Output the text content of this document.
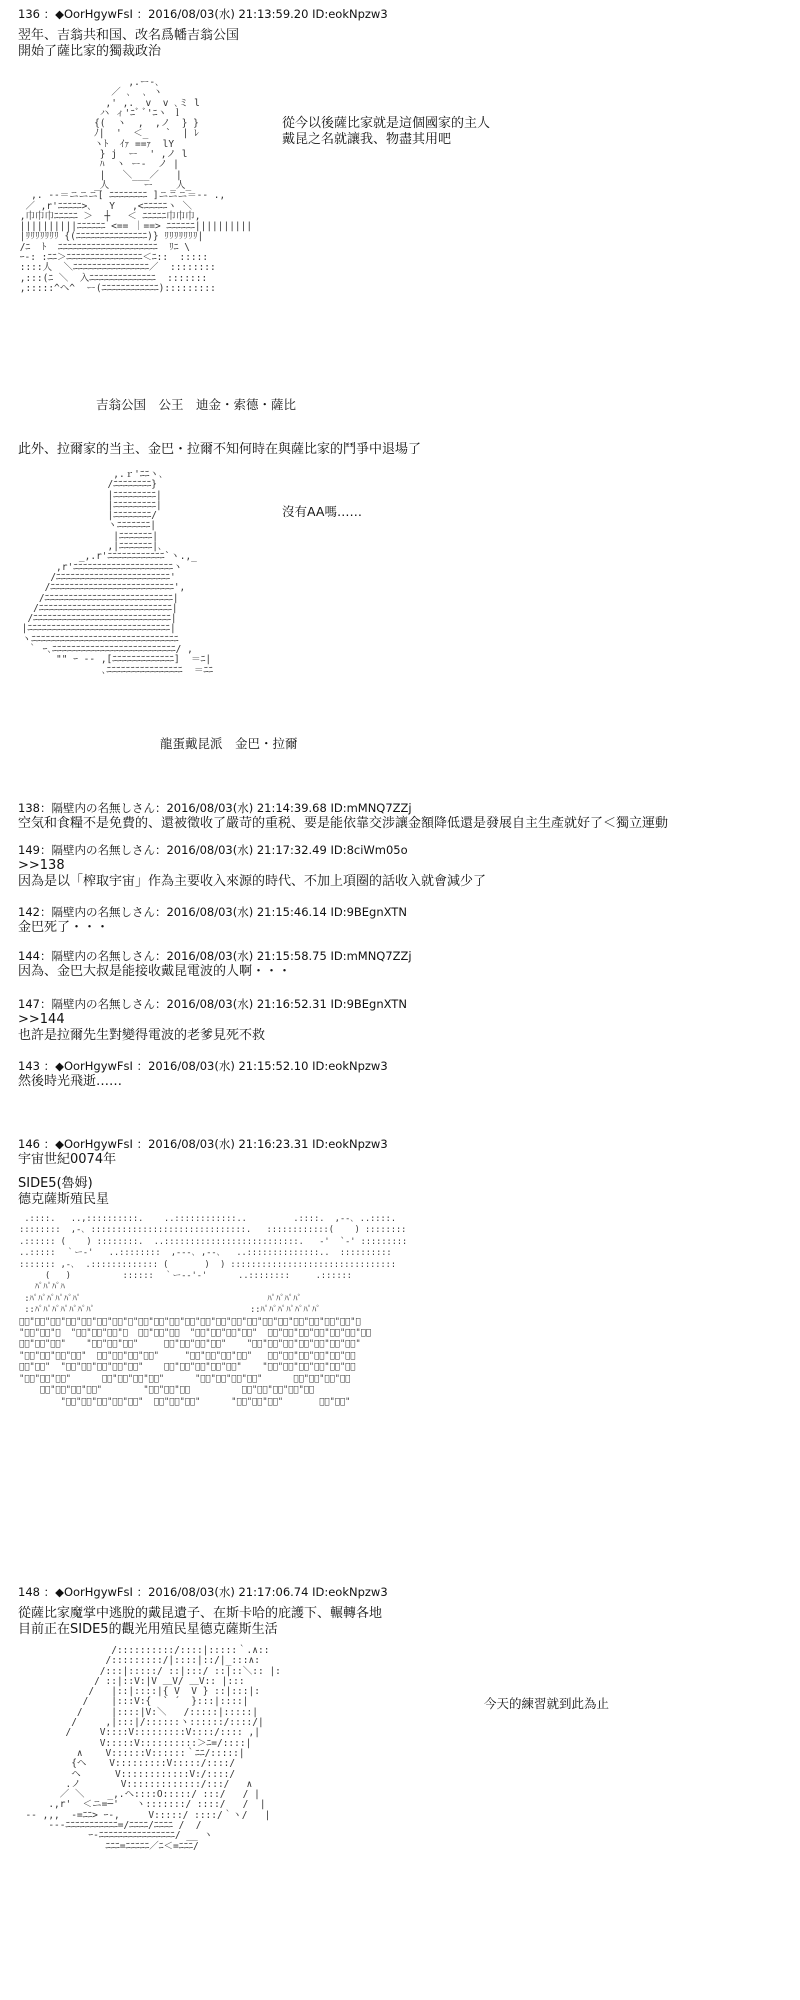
136 ：◆OorHgywFsI ：2016/08/03(水) 21:13:59.20 ID:eokNpzw3
翌年、吉翁共和国、改名爲幡吉翁公国
開始了薩比家的獨裁政治
,.ー-､
／ ､  ､ ヽ
,' ,.  v  v ､ミ l
ハ ィ'ﾆﾞ ﾞ'ﾆヽ ｌ
{(  ヽ  ,  ,ノ  } }
ﾉ|  '  ＜_   `  | ﾚ
ヽﾄ  ｲｧ ==ｧ  lY
} j  ー  ' ,ノ l
ﾊ  ヽ ー-  ノ |
|   ＼___／   |
_人      ー   _人_
,. -‐＝ニニニ[ ﾆﾆﾆﾆﾆﾆﾆﾆ ]ニニニ＝‐- .,
／ ,r'ﾆﾆﾆﾆﾆ>､   Y   ,<ﾆﾆﾆﾆﾆヽ ＼
,巾巾巾ﾆﾆﾆﾆﾆ ＞  ┼   ＜ ﾆﾆﾆﾆﾆ巾巾巾,
||||||||||ﾆﾆﾆﾆﾆﾆ <== ｜==> ﾆﾆﾆﾆﾆﾆ||||||||||
|ﾘﾘﾘﾘﾘﾘﾘ {(ﾆﾆﾆﾆﾆﾆﾆﾆﾆﾆﾆﾆﾆﾆﾆ)} ﾘﾘﾘﾘﾘﾘﾘ|
/ﾆ  ﾄ  ﾆﾆﾆﾆﾆﾆﾆﾆﾆﾆﾆﾆﾆﾆﾆﾆﾆﾆﾆﾆﾆ  ﾘﾆ \
ｰ-: :ﾆﾆ＞ﾆﾆﾆﾆﾆﾆﾆﾆﾆﾆﾆﾆﾆﾆﾆﾆ＜ﾆ::  :::::
::::人  ＼ﾆﾆﾆﾆﾆﾆﾆﾆﾆﾆﾆﾆﾆﾆﾆﾆ／  ::::::::
,:::(ﾆ ＼  入ﾆﾆﾆﾆﾆﾆﾆﾆﾆﾆﾆﾆﾆﾆ  :::::::
,:::::^ヘ^  ー(ﾆﾆﾆﾆﾆﾆﾆﾆﾆﾆﾆﾆ):::::::::
從今以後薩比家就是這個國家的主人
戴昆之名就讓我、物盡其用吧
吉翁公国　公王　迪金・索德・薩比
此外、拉爾家的当主、金巴・拉爾不知何時在與薩比家的鬥爭中退場了
,.ｒ'ﾆﾆヽ､
/ﾆﾆﾆﾆﾆﾆﾆﾆ}
|ﾆﾆﾆﾆﾆﾆﾆﾆﾆ|
|ﾆﾆﾆﾆﾆﾆﾆﾆﾆ|
|ﾆﾆﾆﾆﾆﾆﾆﾆ/
ヽﾆﾆﾆﾆﾆﾆﾆ|
|ﾆﾆﾆﾆﾆﾆﾆ|
,|ﾆﾆﾆﾆﾆﾆﾆ|､
_,.r'ﾆﾆﾆﾆﾆﾆﾆﾆﾆﾆﾆﾆ`ヽ.,_
,r'ﾆﾆﾆﾆﾆﾆﾆﾆﾆﾆﾆﾆﾆﾆﾆﾆﾆﾆﾆﾆﾆヽ
/ﾆﾆﾆﾆﾆﾆﾆﾆﾆﾆﾆﾆﾆﾆﾆﾆﾆﾆﾆﾆﾆﾆﾆﾆ'
/ﾆﾆﾆﾆﾆﾆﾆﾆﾆﾆﾆﾆﾆﾆﾆﾆﾆﾆﾆﾆﾆﾆﾆﾆﾆﾆ',
/ﾆﾆﾆﾆﾆﾆﾆﾆﾆﾆﾆﾆﾆﾆﾆﾆﾆﾆﾆﾆﾆﾆﾆﾆﾆﾆﾆ|
/ﾆﾆﾆﾆﾆﾆﾆﾆﾆﾆﾆﾆﾆﾆﾆﾆﾆﾆﾆﾆﾆﾆﾆﾆﾆﾆﾆﾆ|
/ﾆﾆﾆﾆﾆﾆﾆﾆﾆﾆﾆﾆﾆﾆﾆﾆﾆﾆﾆﾆﾆﾆﾆﾆﾆﾆﾆﾆﾆ|
|ﾆﾆﾆﾆﾆﾆﾆﾆﾆﾆﾆﾆﾆﾆﾆﾆﾆﾆﾆﾆﾆﾆﾆﾆﾆﾆﾆﾆﾆﾆ|
ヽﾆﾆﾆﾆﾆﾆﾆﾆﾆﾆﾆﾆﾆﾆﾆﾆﾆﾆﾆﾆﾆﾆﾆﾆﾆﾆﾆﾆﾆﾆﾆ
｀ ｰ､ﾆﾆﾆﾆﾆﾆﾆﾆﾆﾆﾆﾆﾆﾆﾆﾆﾆﾆﾆﾆﾆﾆﾆﾆﾆﾆ/ ,
"" ｰ -- ,[ﾆﾆﾆﾆﾆﾆﾆﾆﾆﾆﾆﾆﾆ]  ＝ﾆ|
､ﾆﾆﾆﾆﾆﾆﾆﾆﾆﾆﾆﾆﾆﾆﾆﾆ  ＝ﾆﾆ
沒有AA嗎……
龍蛋戴昆派　金巴・拉爾
138：隔壁内の名無しさん：2016/08/03(水) 21:14:39.68 ID:mMNQ7ZZj
空気和食糧不是免費的、還被徵收了嚴苛的重税、要是能依靠交涉讓金額降低還是發展自主生產就好了＜獨立運動
149：隔壁内の名無しさん：2016/08/03(水) 21:17:32.49 ID:8ciWm05o
>>138
因為是以「榨取宇宙」作為主要收入來源的時代、不加上項圈的話收入就會減少了
142：隔壁内の名無しさん：2016/08/03(水) 21:15:46.14 ID:9BEgnXTN
金巴死了・・・
144：隔壁内の名無しさん：2016/08/03(水) 21:15:58.75 ID:mMNQ7ZZj
因為、金巴大叔是能接收戴昆電波的人啊・・・
147：隔壁内の名無しさん：2016/08/03(水) 21:16:52.31 ID:9BEgnXTN
>>144
也許是拉爾先生對變得電波的老爹見死不救
143 ：◆OorHgywFsI ：2016/08/03(水) 21:15:52.10 ID:eokNpzw3
然後時光飛逝……
146 ：◆OorHgywFsI ：2016/08/03(水) 21:16:23.31 ID:eokNpzw3
宇宙世紀0074年
SIDE5(魯姆)
德克薩斯殖民星
.::::.   ..,::::::::::.    ..::::::::::::..         .::::.  ,--､ ..::::.
::::::::  ,-､ ::::::::::::::::::::::::::::::.   ::::::::::::(    ) ::::::::
.:::::: (    ) ::::::::.  ..::::::::::::::::::::::::::.   ‐'  `-' :::::::::
..:::::  ｀ー-'   ..::::::::  ,-‐-､ ,--､   ..::::::::::::::..  ::::::::::
::::::: ,-､  .::::::::::::: (       )  ) ::::::::::::::::::::::::::::::::
(   )          ::::::  ｀ー-‐'‐'      ..::::::::     .::::::
ﾊﾟﾊﾟﾊﾟﾊ
:ﾊﾟﾊﾟﾊﾟﾊﾟﾊﾟﾊﾟ                                    ﾊﾟﾊﾟﾊﾟﾊﾟ
::ﾊﾟﾊﾟﾊﾟﾊﾟﾊﾟﾊﾟﾊﾟ                              ::ﾊﾟﾊﾟﾊﾟﾊﾟﾊﾟﾊﾟﾊﾟ
ﾞﾞ"ﾞﾞ"ﾞﾞ"ﾞﾞ"ﾞﾞ"ﾞﾞ"ﾞﾞ"ﾞ"ﾞﾞ"ﾞﾞ"ﾞﾞ"ﾞﾞ"ﾞﾞ"ﾞﾞ"ﾞﾞ"ﾞﾞ"ﾞﾞ"ﾞﾞ"ﾞﾞ"ﾞﾞ"ﾞﾞ"ﾞﾞ"ﾞ
"ﾞﾞ"ﾞﾞ"ﾞ  "ﾞﾞ"ﾞﾞ"ﾞﾞ"ﾞ  ﾞﾞ"ﾞﾞ"ﾞﾞ  "ﾞﾞ"ﾞﾞ"ﾞﾞ"ﾞﾞ"  ﾞﾞ"ﾞﾞ"ﾞﾞ"ﾞﾞ"ﾞﾞ"ﾞﾞ"ﾞﾞ
ﾞﾞ"ﾞﾞ"ﾞﾞ"    "ﾞﾞ"ﾞﾞ"ﾞﾞ"     ﾞﾞ"ﾞﾞ"ﾞﾞ"ﾞﾞ"    "ﾞﾞ"ﾞﾞ"ﾞﾞ"ﾞﾞ"ﾞﾞ"ﾞﾞ"ﾞﾞ"
"ﾞﾞ"ﾞﾞ"ﾞﾞ"ﾞﾞ"  ﾞﾞ"ﾞﾞ"ﾞﾞ"ﾞﾞ"     "ﾞﾞ"ﾞﾞ"ﾞﾞ"ﾞﾞ"   ﾞﾞ"ﾞﾞ"ﾞﾞ"ﾞﾞ"ﾞﾞ"ﾞﾞ
ﾞﾞ"ﾞﾞ"  "ﾞﾞ"ﾞﾞ"ﾞﾞ"ﾞﾞ"ﾞﾞ"    ﾞﾞ"ﾞﾞ"ﾞﾞ"ﾞﾞ"ﾞﾞ"    "ﾞﾞ"ﾞﾞ"ﾞﾞ"ﾞﾞ"ﾞﾞ"ﾞﾞ
"ﾞﾞ"ﾞﾞ"ﾞﾞ"      ﾞﾞ"ﾞﾞ"ﾞﾞ"ﾞﾞ"      "ﾞﾞ"ﾞﾞ"ﾞﾞ"ﾞﾞ"      ﾞﾞ"ﾞﾞ"ﾞﾞ"ﾞﾞ
ﾞﾞ"ﾞﾞ"ﾞﾞ"ﾞﾞ"        "ﾞﾞ"ﾞﾞ"ﾞﾞ          ﾞﾞ"ﾞﾞ"ﾞﾞ"ﾞﾞ"ﾞﾞ
"ﾞﾞ"ﾞﾞ"ﾞﾞ"ﾞﾞ"ﾞﾞ"  ﾞﾞ"ﾞﾞ"ﾞﾞ"      "ﾞﾞ"ﾞﾞ"ﾞﾞ"       ﾞﾞ"ﾞﾞ"
148 ：◆OorHgywFsI ：2016/08/03(水) 21:17:06.74 ID:eokNpzw3
從薩比家魔掌中逃脫的戴昆遺子、在斯卡哈的庇護下、輾轉各地
目前正在SIDE5的觀光用殖民星德克薩斯生活
/::::::::::/::::|:::::｀.∧::
/:::::::::/|::::|::/|_:::∧:
/:::|:::::/ ::|:::/ ::|::＼:: |:
/ ::|::V:|V ＿V/ ＿V:: |:::
/   |::|::::|{ V  V } ::|:::|:
/    |:::V:{  ` ´  }:::|::::|
/     |::::|V:＼   /:::::|:::::|
/     ,|:::|/::::::ヽ::::::/::::/|
/     V::::V:::::::::V::::/:::: ,|
V:::::V::::::::::＞ﾆ=/::::|
∧    V::::::V::::::｀ﾆﾆ/:::::|
{ヘ    V:::::::::V:::::/::::/
ヘ      V::::::::::::V:/::::/
.ノ       V:::::::::::::/:::/   ∧
／ ＼    _,.ヘ::::O:::::/ :::/   / |
.,r'  ＜ニ=─'   ヽ:::::::/ ::::/   /  |
‐- ,,,  -=ﾆﾆ> ｰ-,     V:::::/ ::::/｀ヽ/   |
‐--ﾆﾆﾆﾆﾆﾆﾆﾆﾆﾆﾆ=/ﾆﾆﾆﾆ/ﾆﾆﾆﾆ /  /
ｰ‐ﾆﾆﾆﾆﾆﾆﾆﾆﾆﾆﾆﾆﾆﾆﾆﾆ/ __ ヽ
ﾆﾆﾆ=ﾆﾆﾆﾆﾆ／ﾆ＜=ﾆﾆﾆ/
今天的練習就到此為止
